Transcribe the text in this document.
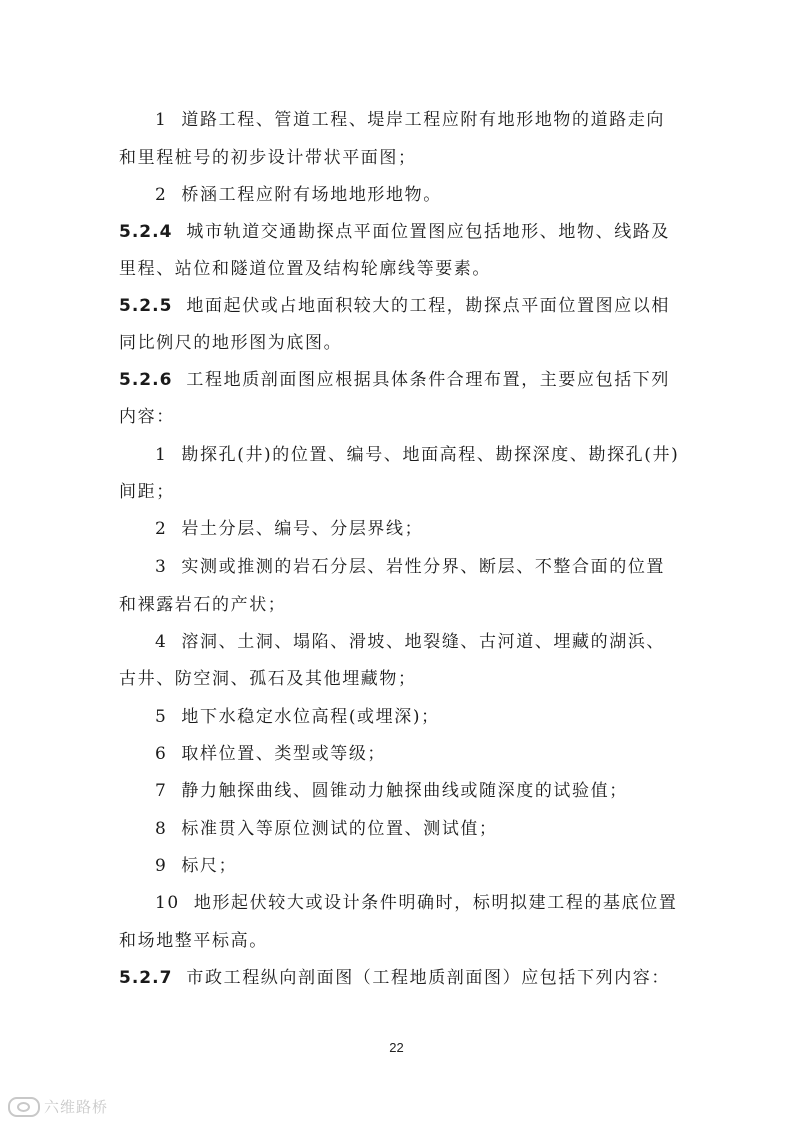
1 道路工程、管道工程、堤岸工程应附有地形地物的道路走向
和里程桩号的初步设计带状平面图；
2 桥涵工程应附有场地地形地物。
5.2.4 城市轨道交通勘探点平面位置图应包括地形、地物、线路及
里程、站位和隧道位置及结构轮廓线等要素。
5.2.5 地面起伏或占地面积较大的工程，勘探点平面位置图应以相
同比例尺的地形图为底图。
5.2.6 工程地质剖面图应根据具体条件合理布置，主要应包括下列
内容：
1 勘探孔(井)的位置、编号、地面高程、勘探深度、勘探孔(井)
间距；
2 岩土分层、编号、分层界线；
3 实测或推测的岩石分层、岩性分界、断层、不整合面的位置
和裸露岩石的产状；
4 溶洞、土洞、塌陷、滑坡、地裂缝、古河道、埋藏的湖浜、
古井、防空洞、孤石及其他埋藏物；
5 地下水稳定水位高程(或埋深)；
6 取样位置、类型或等级；
7 静力触探曲线、圆锥动力触探曲线或随深度的试验值；
8 标准贯入等原位测试的位置、测试值；
9 标尺；
10 地形起伏较大或设计条件明确时，标明拟建工程的基底位置
和场地整平标高。
5.2.7 市政工程纵向剖面图（工程地质剖面图）应包括下列内容：
22
六维路桥
